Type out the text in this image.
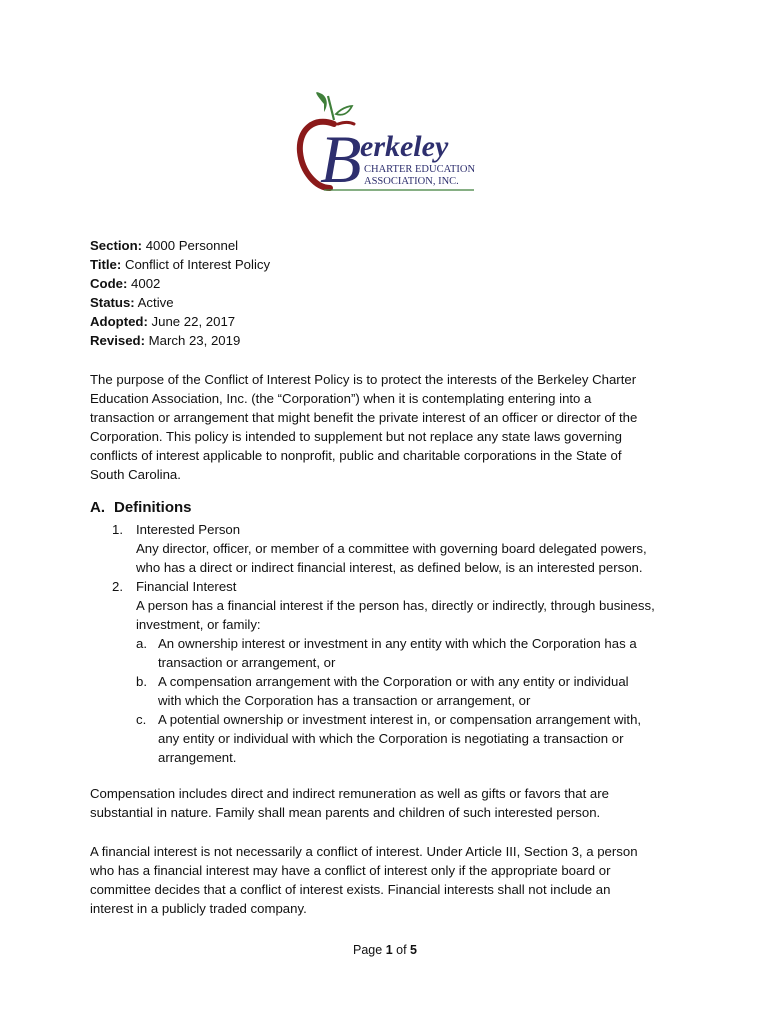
B
erkeley
CHARTER EDUCATION
ASSOCIATION, INC.
Section: 4000 Personnel
Title: Conflict of Interest Policy
Code: 4002
Status: Active
Adopted: June 22, 2017
Revised: March 23, 2019
The purpose of the Conflict of Interest Policy is to protect the interests of the Berkeley Charter
Education Association, Inc. (the “Corporation”) when it is contemplating entering into a
transaction or arrangement that might benefit the private interest of an officer or director of the
Corporation. This policy is intended to supplement but not replace any state laws governing
conflicts of interest applicable to nonprofit, public and charitable corporations in the State of
South Carolina.
A. Definitions
1. Interested Person
Any director, officer, or member of a committee with governing board delegated powers,
who has a direct or indirect financial interest, as defined below, is an interested person.
2. Financial Interest
A person has a financial interest if the person has, directly or indirectly, through business,
investment, or family:
a. An ownership interest or investment in any entity with which the Corporation has a
transaction or arrangement, or
b. A compensation arrangement with the Corporation or with any entity or individual
with which the Corporation has a transaction or arrangement, or
c. A potential ownership or investment interest in, or compensation arrangement with,
any entity or individual with which the Corporation is negotiating a transaction or
arrangement.
Compensation includes direct and indirect remuneration as well as gifts or favors that are
substantial in nature. Family shall mean parents and children of such interested person.
A financial interest is not necessarily a conflict of interest. Under Article III, Section 3, a person
who has a financial interest may have a conflict of interest only if the appropriate board or
committee decides that a conflict of interest exists. Financial interests shall not include an
interest in a publicly traded company.
Page 1 of 5
